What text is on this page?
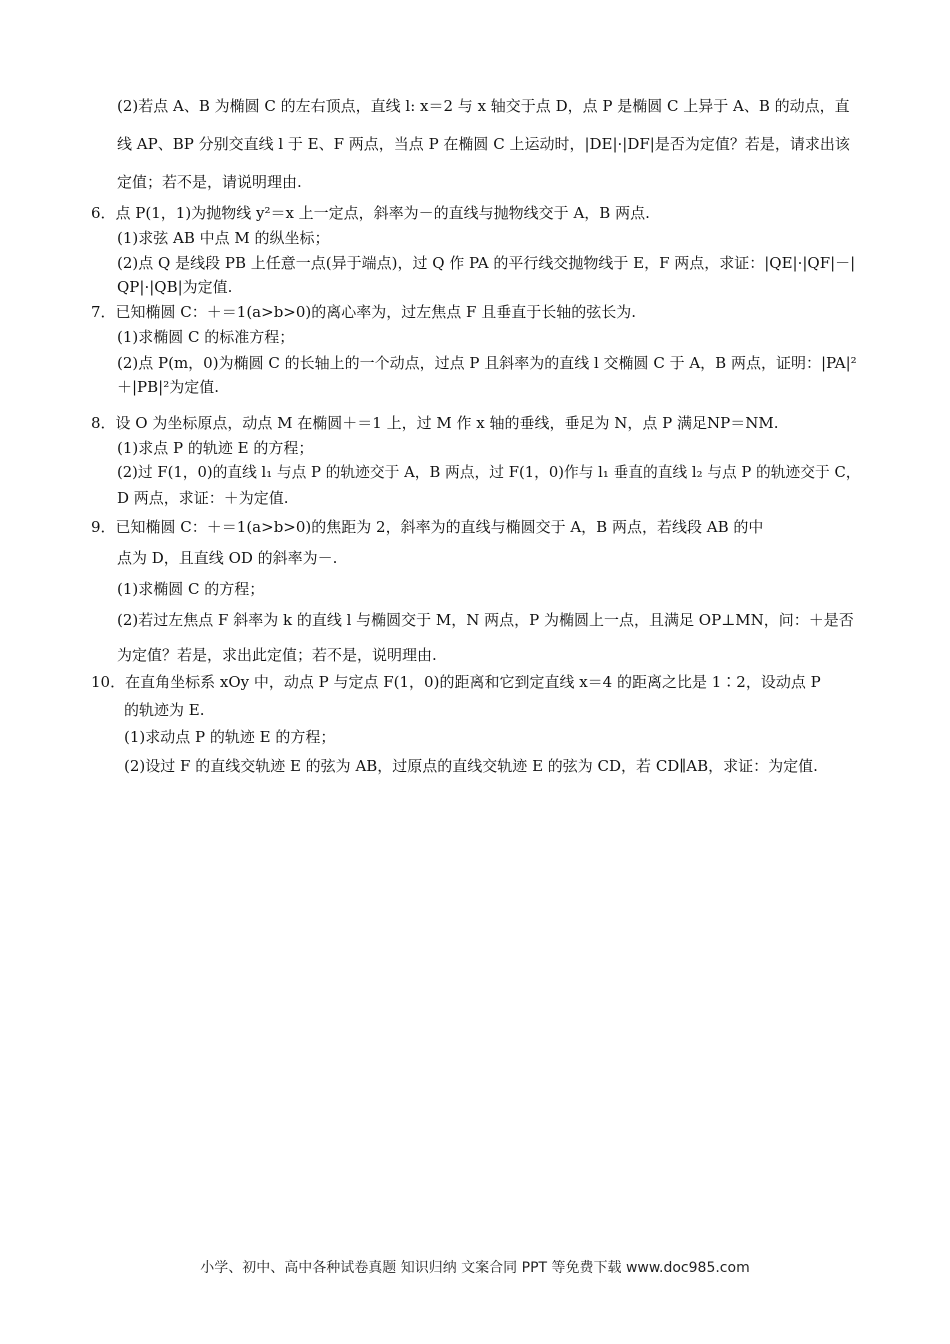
(2)若点 A、B 为椭圆 C 的左右顶点，直线 l: x＝2 与 x 轴交于点 D，点 P 是椭圆 C 上异于 A、B 的动点，直
线 AP、BP 分别交直线 l 于 E、F 两点，当点 P 在椭圆 C 上运动时，|DE|·|DF|是否为定值？若是，请求出该
定值；若不是，请说明理由.
6．点 P(1，1)为抛物线 y²＝x 上一定点，斜率为－的直线与抛物线交于 A，B 两点.
(1)求弦 AB 中点 M 的纵坐标；
(2)点 Q 是线段 PB 上任意一点(异于端点)，过 Q 作 PA 的平行线交抛物线于 E，F 两点，求证：|QE|·|QF|－|
QP|·|QB|为定值.
7．已知椭圆 C：＋＝1(a>b>0)的离心率为，过左焦点 F 且垂直于长轴的弦长为.
(1)求椭圆 C 的标准方程；
(2)点 P(m，0)为椭圆 C 的长轴上的一个动点，过点 P 且斜率为的直线 l 交椭圆 C 于 A，B 两点，证明：|PA|²
＋|PB|²为定值.
8．设 O 为坐标原点，动点 M 在椭圆＋＝1 上，过 M 作 x 轴的垂线，垂足为 N，点 P 满足NP＝NM.
(1)求点 P 的轨迹 E 的方程；
(2)过 F(1，0)的直线 l₁ 与点 P 的轨迹交于 A，B 两点，过 F(1，0)作与 l₁ 垂直的直线 l₂ 与点 P 的轨迹交于 C，
D 两点，求证：＋为定值.
9．已知椭圆 C：＋＝1(a>b>0)的焦距为 2，斜率为的直线与椭圆交于 A，B 两点，若线段 AB 的中
点为 D，且直线 OD 的斜率为－.
(1)求椭圆 C 的方程；
(2)若过左焦点 F 斜率为 k 的直线 l 与椭圆交于 M，N 两点，P 为椭圆上一点，且满足 OP⊥MN，问：＋是否
为定值？若是，求出此定值；若不是，说明理由.
10．在直角坐标系 xOy 中，动点 P 与定点 F(1，0)的距离和它到定直线 x＝4 的距离之比是 1∶2，设动点 P
的轨迹为 E.
(1)求动点 P 的轨迹 E 的方程；
(2)设过 F 的直线交轨迹 E 的弦为 AB，过原点的直线交轨迹 E 的弦为 CD，若 CD∥AB，求证：为定值.
小学、初中、高中各种试卷真题 知识归纳 文案合同 PPT 等免费下载 www.doc985.com
